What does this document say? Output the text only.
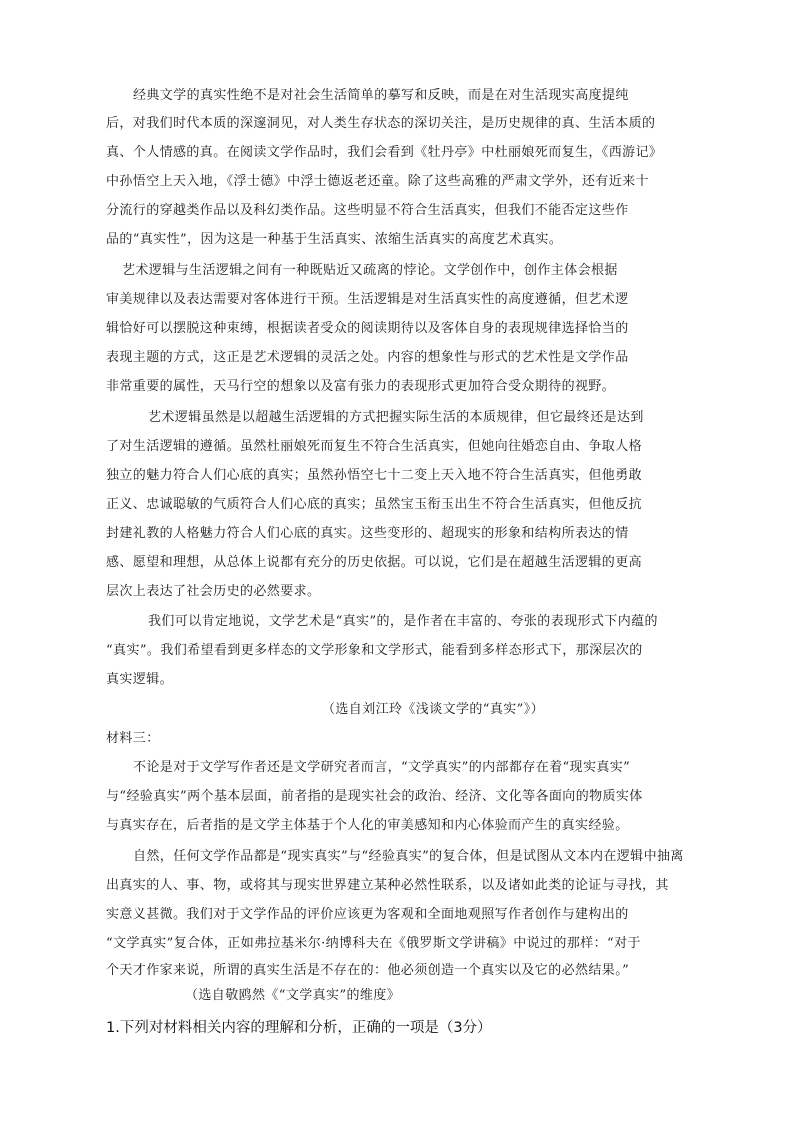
经典文学的真实性绝不是对社会生活简单的摹写和反映，而是在对生活现实高度提纯
后，对我们时代本质的深邃洞见，对人类生存状态的深切关注，是历史规律的真、生活本质的
真、个人情感的真。在阅读文学作品时，我们会看到《牡丹亭》中杜丽娘死而复生，《西游记》
中孙悟空上天入地，《浮士德》中浮士德返老还童。除了这些高雅的严肃文学外，还有近来十
分流行的穿越类作品以及科幻类作品。这些明显不符合生活真实，但我们不能否定这些作
品的“真实性”，因为这是一种基于生活真实、浓缩生活真实的高度艺术真实。
艺术逻辑与生活逻辑之间有一种既贴近又疏离的悖论。文学创作中，创作主体会根据
审美规律以及表达需要对客体进行干预。生活逻辑是对生活真实性的高度遵循，但艺术逻
辑恰好可以摆脱这种束缚，根据读者受众的阅读期待以及客体自身的表现规律选择恰当的
表现主题的方式，这正是艺术逻辑的灵活之处。内容的想象性与形式的艺术性是文学作品
非常重要的属性，天马行空的想象以及富有张力的表现形式更加符合受众期待的视野。
艺术逻辑虽然是以超越生活逻辑的方式把握实际生活的本质规律，但它最终还是达到
了对生活逻辑的遵循。虽然杜丽娘死而复生不符合生活真实，但她向往婚恋自由、争取人格
独立的魅力符合人们心底的真实；虽然孙悟空七十二变上天入地不符合生活真实，但他勇敢
正义、忠诚聪敏的气质符合人们心底的真实；虽然宝玉衔玉出生不符合生活真实，但他反抗
封建礼教的人格魅力符合人们心底的真实。这些变形的、超现实的形象和结构所表达的情
感、愿望和理想，从总体上说都有充分的历史依据。可以说，它们是在超越生活逻辑的更高
层次上表达了社会历史的必然要求。
我们可以肯定地说，文学艺术是“真实”的，是作者在丰富的、夸张的表现形式下内蕴的
“真实”。我们希望看到更多样态的文学形象和文学形式，能看到多样态形式下，那深层次的
真实逻辑。
（选自刘江玲《浅谈文学的“真实”》）
材料三：
不论是对于文学写作者还是文学研究者而言，“文学真实”的内部都存在着“现实真实”
与“经验真实”两个基本层面，前者指的是现实社会的政治、经济、文化等各面向的物质实体
与真实存在，后者指的是文学主体基于个人化的审美感知和内心体验而产生的真实经验。
自然，任何文学作品都是“现实真实”与“经验真实”的复合体，但是试图从文本内在逻辑中抽离
出真实的人、事、物，或将其与现实世界建立某种必然性联系，以及诸如此类的论证与寻找，其
实意义甚微。我们对于文学作品的评价应该更为客观和全面地观照写作者创作与建构出的
“文学真实”复合体，正如弗拉基米尔·纳博科夫在《俄罗斯文学讲稿》中说过的那样：“对于
个天才作家来说，所谓的真实生活是不存在的：他必须创造一个真实以及它的必然结果。”
（选自敬鸥然《“文学真实”的维度》
1.下列对材料相关内容的理解和分析，正确的一项是（3分）
